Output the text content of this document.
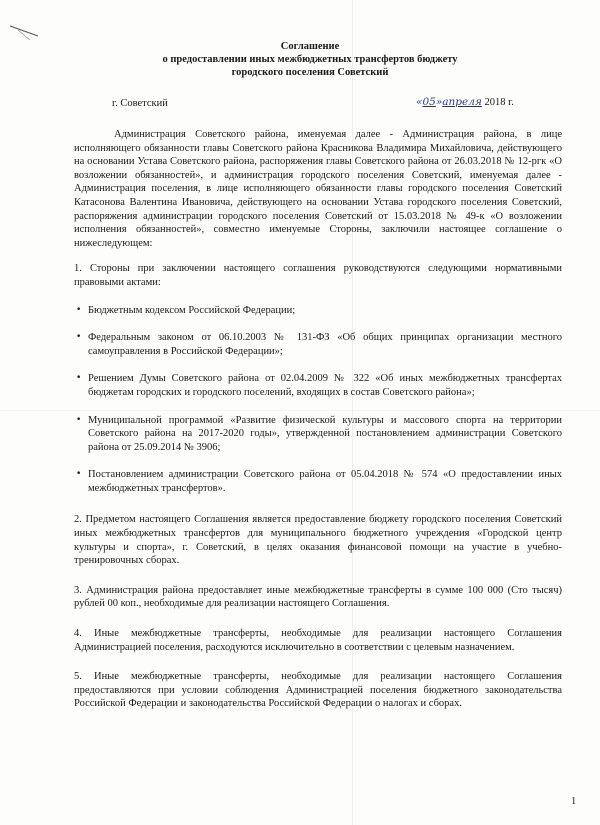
Соглашение
о предоставлении иных межбюджетных трансфертов бюджету
городского поселения Советский
г. Советский	«05»апреля 2018 г.

Администрация Советского района, именуемая далее - Администрация района, в лице исполняющего обязанности главы Советского района Красникова Владимира Михайловича, действующего на основании Устава Советского района, распоряжения главы Советского района от 26.03.2018 № 12-ргк «О возложении обязанностей», и администрация городского поселения Советский, именуемая далее - Администрация поселения, в лице исполняющего обязанности главы городского поселения Советский Катасонова Валентина Ивановича, действующего на основании Устава городского поселения Советский, распоряжения администрации городского поселения Советский от 15.03.2018 № 49-к «О возложении исполнения обязанностей», совместно именуемые Стороны, заключили настоящее соглашение о нижеследующем:

1. Стороны при заключении настоящего соглашения руководствуются следующими нормативными правовыми актами:

• Бюджетным кодексом Российской Федерации;
• Федеральным законом от 06.10.2003 № 131-ФЗ «Об общих принципах организации местного самоуправления в Российской Федерации»;
• Решением Думы Советского района от 02.04.2009 № 322 «Об иных межбюджетных трансфертах бюджетам городских и городского поселений, входящих в состав Советского района»;
• Муниципальной программой «Развитие физической культуры и массового спорта на территории Советского района на 2017-2020 годы», утвержденной постановлением администрации Советского района от 25.09.2014 № 3906;
• Постановлением администрации Советского района от 05.04.2018 № 574 «О предоставлении иных межбюджетных трансфертов».

2. Предметом настоящего Соглашения является предоставление бюджету городского поселения Советский иных межбюджетных трансфертов для муниципального бюджетного учреждения «Городской центр культуры и спорта», г. Советский, в целях оказания финансовой помощи на участие в учебно-тренировочных сборах.

3. Администрация района предоставляет иные межбюджетные трансферты в сумме 100 000 (Сто тысяч) рублей 00 коп., необходимые для реализации настоящего Соглашения.

4. Иные межбюджетные трансферты, необходимые для реализации настоящего Соглашения Администрацией поселения, расходуются исключительно в соответствии с целевым назначением.

5. Иные межбюджетные трансферты, необходимые для реализации настоящего Соглашения предоставляются при условии соблюдения Администрацией поселения бюджетного законодательства Российской Федерации и законодательства Российской Федерации о налогах и сборах.

1
